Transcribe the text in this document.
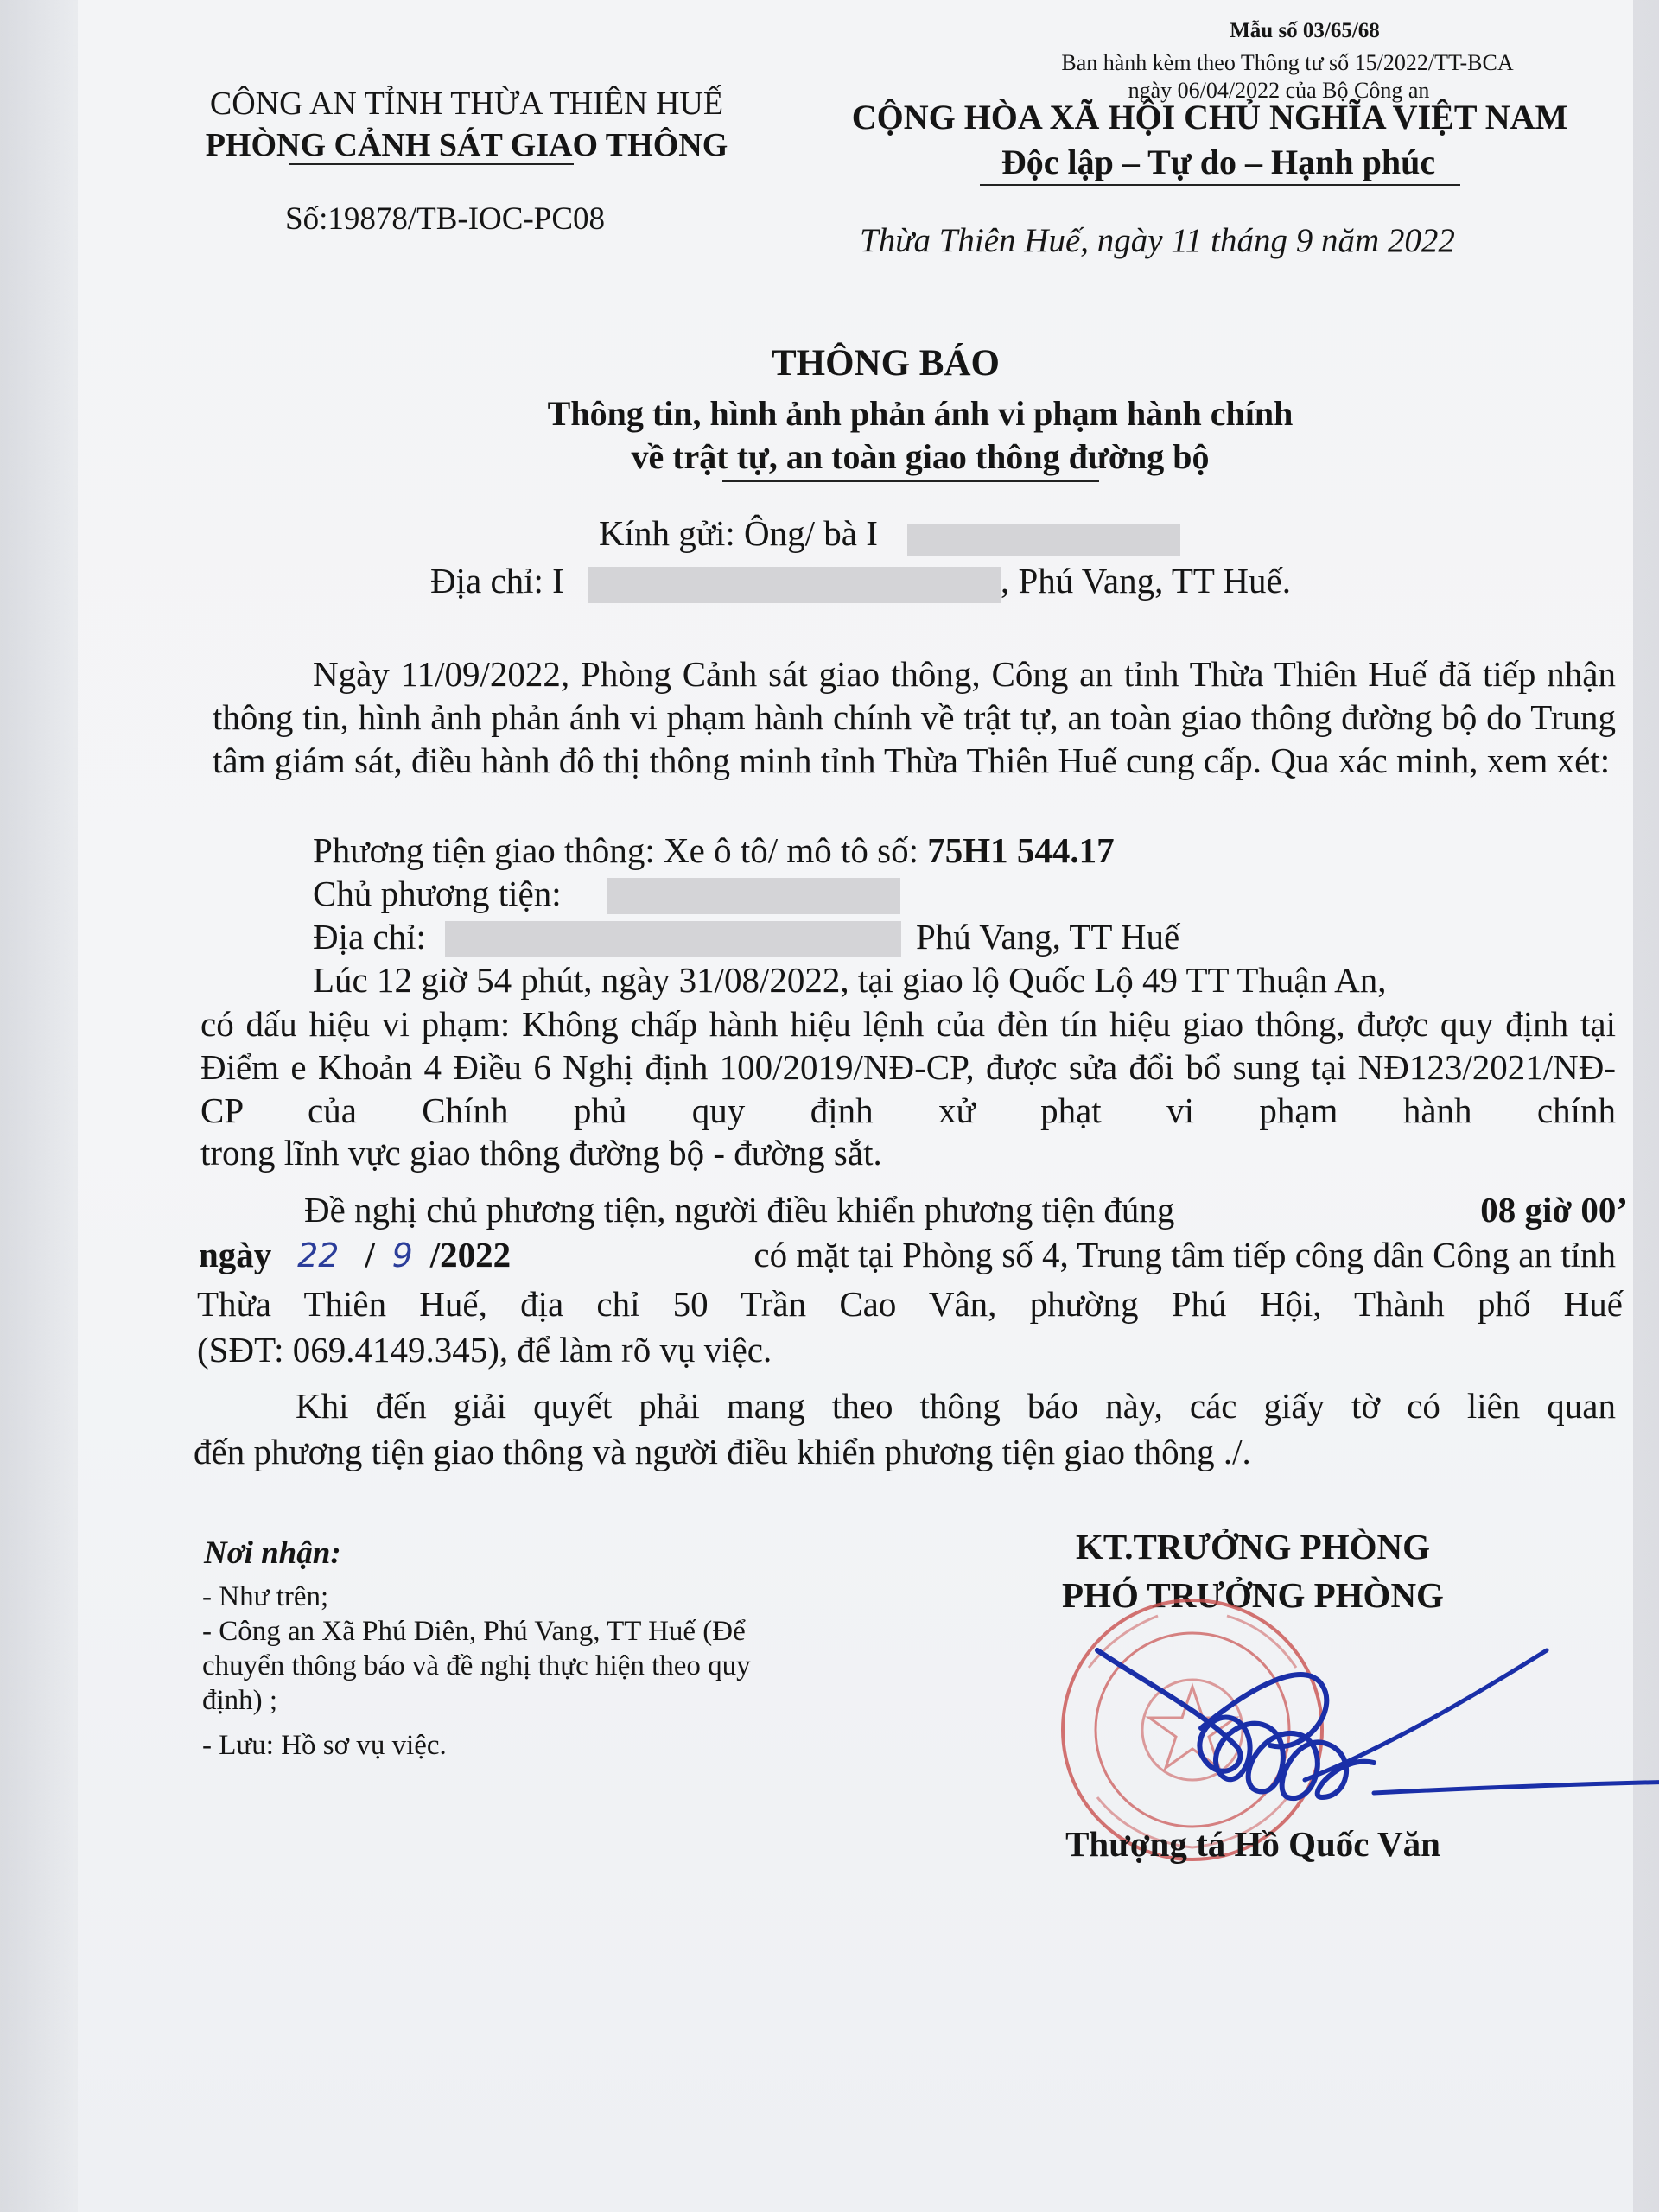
Mẫu số 03/65/68
Ban hành kèm theo Thông tư số 15/2022/TT-BCA
ngày 06/04/2022 của Bộ Công an
CÔNG AN TỈNH THỪA THIÊN HUẾ
PHÒNG CẢNH SÁT GIAO THÔNG
Số:19878/TB-IOC-PC08
CỘNG HÒA XÃ HỘI CHỦ NGHĨA VIỆT NAM
Độc lập – Tự do – Hạnh phúc
Thừa Thiên Huế, ngày 11 tháng 9 năm 2022
THÔNG BÁO
Thông tin, hình ảnh phản ánh vi phạm hành chính
về trật tự, an toàn giao thông đường bộ
Kính gửi: Ông/ bà I
Địa chỉ: I	, Phú Vang, TT Huế.
Ngày 11/09/2022, Phòng Cảnh sát giao thông, Công an tỉnh Thừa Thiên Huế đã tiếp nhận thông tin, hình ảnh phản ánh vi phạm hành chính về trật tự, an toàn giao thông đường bộ do Trung tâm giám sát, điều hành đô thị thông minh tỉnh Thừa Thiên Huế cung cấp. Qua xác minh, xem xét:
Phương tiện giao thông: Xe ô tô/ mô tô số: 75H1 544.17
Chủ phương tiện:
Địa chỉ:	Phú Vang, TT Huế
Lúc 12 giờ 54 phút, ngày 31/08/2022, tại giao lộ Quốc Lộ 49 TT Thuận An,
có dấu hiệu vi phạm: Không chấp hành hiệu lệnh của đèn tín hiệu giao thông, được quy định tại Điểm e Khoản 4 Điều 6 Nghị định 100/2019/NĐ-CP, được sửa đổi bổ sung tại NĐ123/2021/NĐ-CP của Chính phủ quy định xử phạt vi phạm hành chính
trong lĩnh vực giao thông đường bộ - đường sắt.
Đề nghị chủ phương tiện, người điều khiển phương tiện đúng	08 giờ 00’
ngày 22 / 9 /2022	có mặt tại Phòng số 4, Trung tâm tiếp công dân Công an tỉnh
Thừa Thiên Huế, địa chỉ 50 Trần Cao Vân, phường Phú Hội, Thành phố Huế
(SĐT: 069.4149.345), để làm rõ vụ việc.
Khi đến giải quyết phải mang theo thông báo này, các giấy tờ có liên quan
đến phương tiện giao thông và người điều khiển phương tiện giao thông ./.
Nơi nhận:
- Như trên;
- Công an Xã Phú Diên, Phú Vang, TT Huế (Để
chuyển thông báo và đề nghị thực hiện theo quy
định) ;
- Lưu: Hồ sơ vụ việc.
KT.TRƯỞNG PHÒNG
PHÓ TRƯỞNG PHÒNG
Thượng tá Hồ Quốc Văn
